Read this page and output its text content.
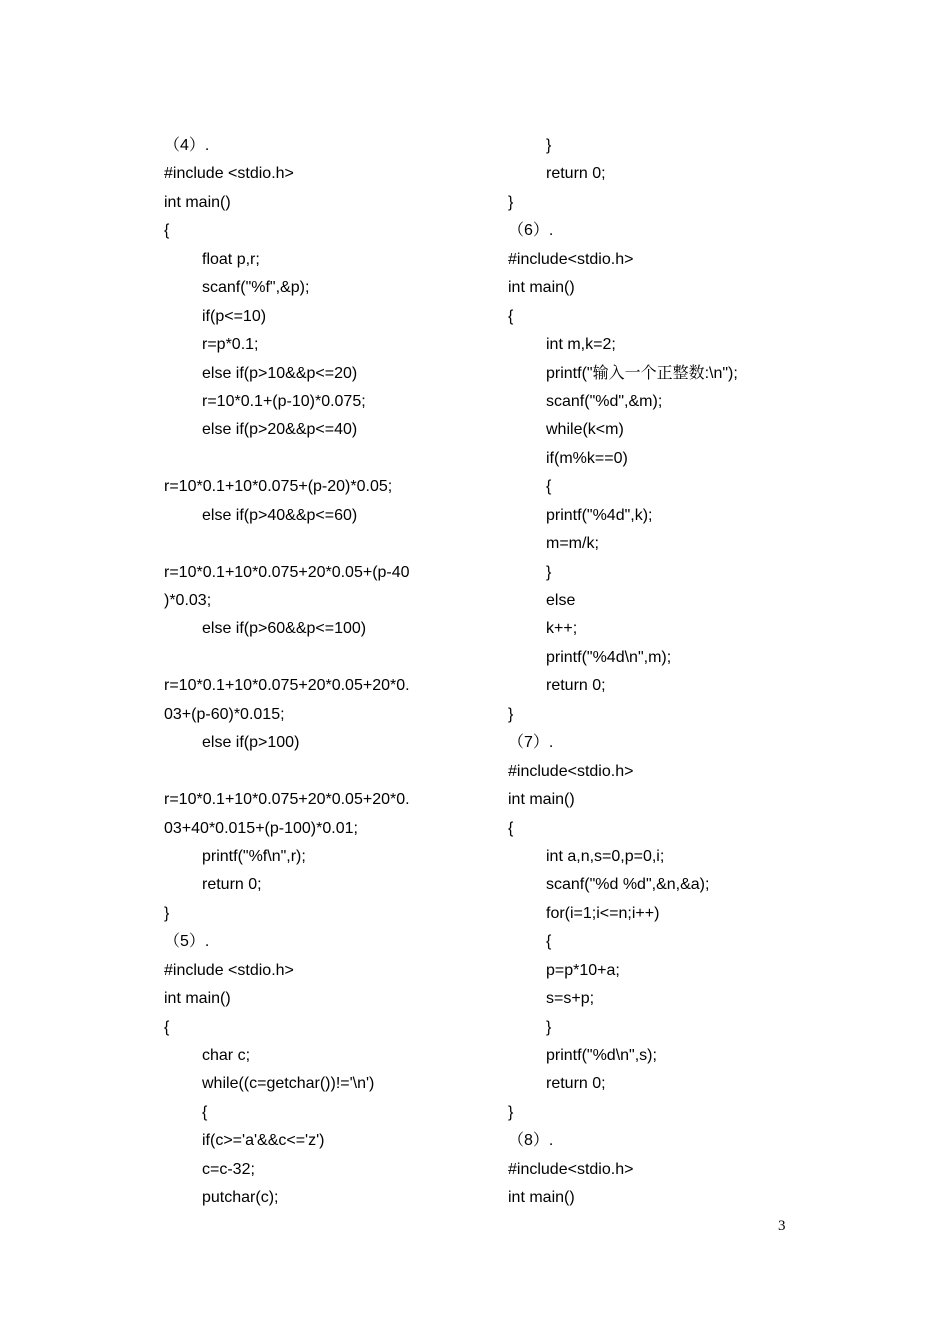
（4）.
#include <stdio.h>
int main()
{
float p,r;
scanf("%f",&p);
if(p<=10)
r=p*0.1;
else if(p>10&&p<=20)
r=10*0.1+(p-10)*0.075;
else if(p>20&&p<=40)
r=10*0.1+10*0.075+(p-20)*0.05;
else if(p>40&&p<=60)
r=10*0.1+10*0.075+20*0.05+(p-40
)*0.03;
else if(p>60&&p<=100)
r=10*0.1+10*0.075+20*0.05+20*0.
03+(p-60)*0.015;
else if(p>100)
r=10*0.1+10*0.075+20*0.05+20*0.
03+40*0.015+(p-100)*0.01;
printf("%f\n",r);
return 0;
}
（5）.
#include <stdio.h>
int main()
{
char c;
while((c=getchar())!='\n')
{
if(c>='a'&&c<='z')
c=c-32;
putchar(c);
}
return 0;
}
（6）.
#include<stdio.h>
int main()
{
int m,k=2;
printf("输入一个正整数:\n");
scanf("%d",&m);
while(k<m)
if(m%k==0)
{
printf("%4d",k);
m=m/k;
}
else
k++;
printf("%4d\n",m);
return 0;
}
（7）.
#include<stdio.h>
int main()
{
int a,n,s=0,p=0,i;
scanf("%d %d",&n,&a);
for(i=1;i<=n;i++)
{
p=p*10+a;
s=s+p;
}
printf("%d\n",s);
return 0;
}
（8）.
#include<stdio.h>
int main()
3
